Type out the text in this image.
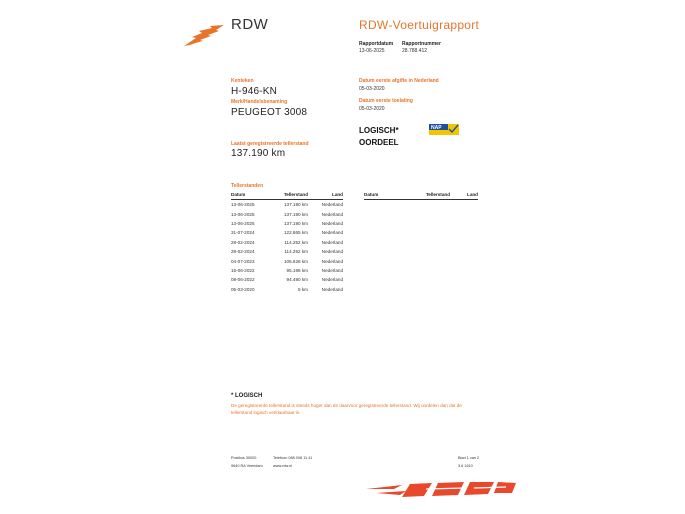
RDW	RDW-Voertuigrapport
Rapportdatum
13-06-2025
Rapportnummer
28.788.412
Kenteken
H-946-KN
Merk/Handelsbenaming
PEUGEOT 3008
Laatst geregistreerde tellerstand
137.190 km
Datum eerste afgifte in Nederland
05-03-2020
Datum eerste toelating
05-03-2020
LOGISCH*
OORDEEL
NAP
Tellerstanden
Datum	Tellerstand	Land
13-06-2025	137.190 km	Nederland
13-06-2025	137.190 km	Nederland
13-06-2025	137.190 km	Nederland
31-07-2024	122.865 km	Nederland
28-02-2024	114.252 km	Nederland
28-02-2024	114.252 km	Nederland
04-07-2023	105.626 km	Nederland
15-06-2022	95.196 km	Nederland
08-06-2022	94.490 km	Nederland
05-03-2020	5 km	Nederland
Datum	Tellerstand	Land
* LOGISCH
De geregistreerde tellerstand is steeds hoger dan de daarvoor geregistreerde tellerstand. Wij oordelen dan dat de tellerstand logisch verklaarbaar is.
Postbus 30000
9640 RA Veendam
Telefoon 088 008 11 41
www.rdw.nl
Blad 1 van 2
3.6 1610
